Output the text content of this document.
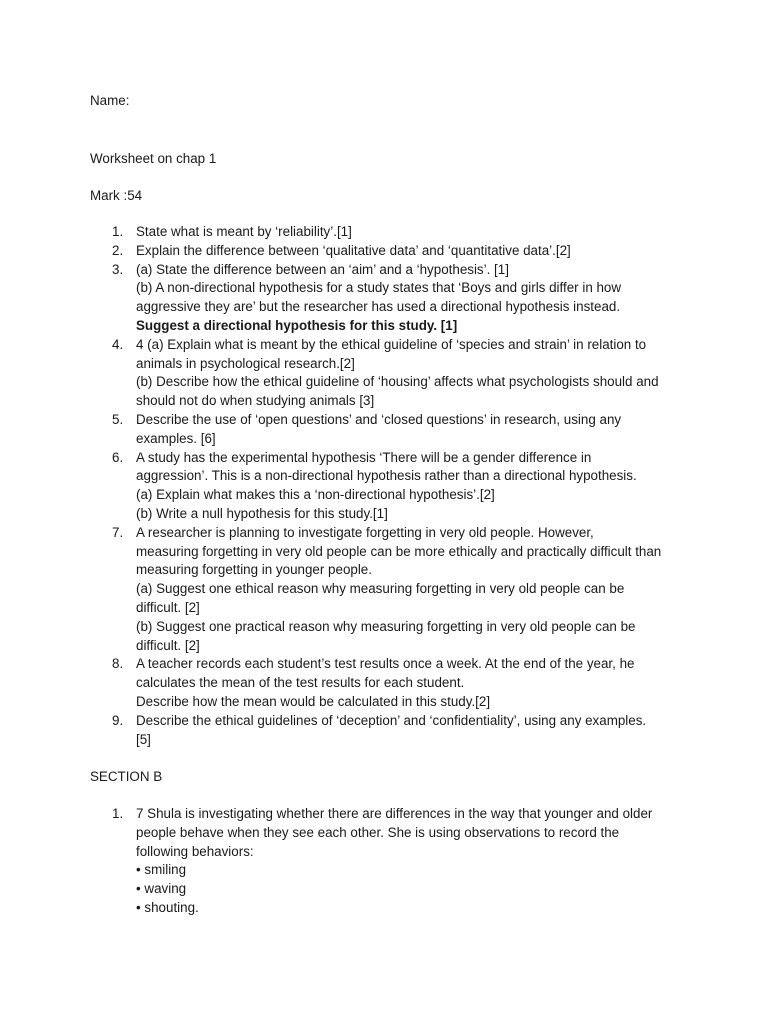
Name:
Worksheet on chap 1
Mark :54
1. State what is meant by ‘reliability’.[1]
2. Explain the difference between ‘qualitative data’ and ‘quantitative data’.[2]
3. (a) State the difference between an ‘aim’ and a ‘hypothesis’. [1]
(b) A non-directional hypothesis for a study states that ‘Boys and girls differ in how
aggressive they are’ but the researcher has used a directional hypothesis instead.
Suggest a directional hypothesis for this study. [1]
4. 4 (a) Explain what is meant by the ethical guideline of ‘species and strain’ in relation to
animals in psychological research.[2]
(b) Describe how the ethical guideline of ‘housing’ affects what psychologists should and
should not do when studying animals [3]
5. Describe the use of ‘open questions’ and ‘closed questions’ in research, using any
examples. [6]
6. A study has the experimental hypothesis ‘There will be a gender difference in
aggression’. This is a non-directional hypothesis rather than a directional hypothesis.
(a) Explain what makes this a ‘non-directional hypothesis’.[2]
(b) Write a null hypothesis for this study.[1]
7. A researcher is planning to investigate forgetting in very old people. However,
measuring forgetting in very old people can be more ethically and practically difficult than
measuring forgetting in younger people.
(a) Suggest one ethical reason why measuring forgetting in very old people can be
difficult. [2]
(b) Suggest one practical reason why measuring forgetting in very old people can be
difficult. [2]
8. A teacher records each student’s test results once a week. At the end of the year, he
calculates the mean of the test results for each student.
Describe how the mean would be calculated in this study.[2]
9. Describe the ethical guidelines of ‘deception’ and ‘confidentiality’, using any examples.
[5]
SECTION B
1. 7 Shula is investigating whether there are differences in the way that younger and older
people behave when they see each other. She is using observations to record the
following behaviors:
• smiling
• waving
• shouting.
